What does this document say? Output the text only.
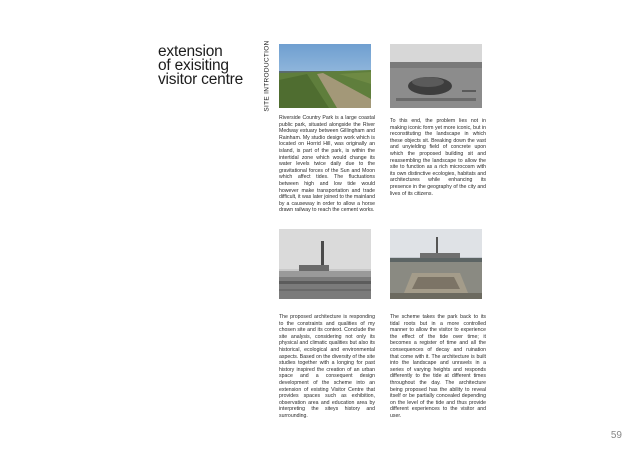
extension
of exisiting
visitor centre	SITE INTRODUCTION
Riverside Country Park is a large coastal public park, situated alongside the River Medway estuary between Gillingham and Rainham. My studio design work which is located on Horrid Hill, was originally an island, is part of the park, is within the intertidal zone which would change its water levels twice daily due to the gravitational forces of the Sun and Moon which affect tides. The fluctuations between high and low tide would however make transportation and trade difficult, it was later joined to the mainland by a causeway in order to allow a horse drawn railway to reach the cement works.
To this end, the problem lies not in making iconic form yet more iconic, but in reconstituting the landscape in which these objects sit. Breaking down the vast and unyielding field of concrete upon which the proposed building sit and reassembling the landscape to allow the site to function as a rich microcosm with its own distinctive ecologies, habitats and architectures while enhancing its presence in the geography of the city and lives of its citizens.
The proposed architecture is responding to the constraints and qualities of my chosen site and its context. Conclude the site analysis, considering not only its physical and climatic qualities but also its historical, ecological and environmental aspects. Based on the diversity of the site studies together with a longing for past history inspired the creation of an urban space and a consequent design development of the scheme into an extension of existing Visitor Centre that provides spaces such as exhibition, observation area and education area by interpreting the siteys history and surrounding.
The scheme takes the park back to its tidal roots but in a more controlled manner to allow the visitor to experience the effect of the tide over time; it becomes a register of time and all the consequences of decay and ruination that come with it. The architecture is built into the landscape and unravels in a series of varying heights and responds differently to the tide at different times throughout the day. The architecture being proposed has the ability to reveal itself or be partially concealed depending on the level of the tide and thus provide different experiences to the visitor and user.
59
